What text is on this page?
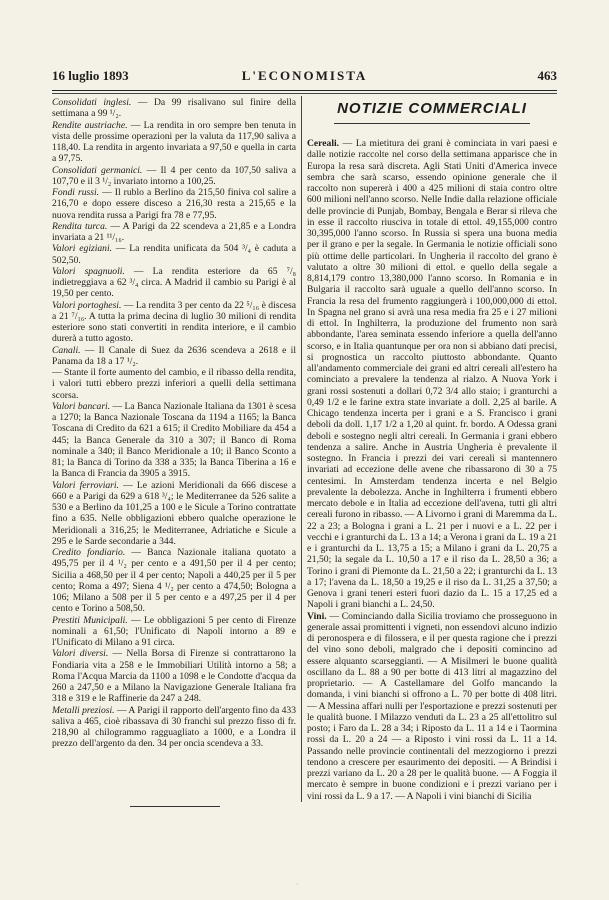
16 luglio 1893	L'ECONOMISTA	463

Consolidati inglesi. — Da 99 risalivano sul finire della settimana a 99 ¹/₂.

Rendite austriache. — La rendita in oro sempre ben tenuta in vista delle prossime operazioni per la valuta da 117,90 saliva a 118,40. La rendita in argento invariata a 97,50 e quella in carta a 97,75.

Consolidati germanici. — Il 4 per cento da 107,50 saliva a 107,70 e il 3 ¹/₂ invariato intorno a 100,25.

Fondi russi. — Il rublo a Berlino da 215,50 finiva col salire a 216,70 e dopo essere disceso a 216,30 resta a 215,65 e la nuova rendita russa a Parigi fra 78 e 77,95.

Rendita turca. — A Parigi da 22 scendeva a 21,85 e a Londra invariata a 21 ¹¹/₁₆.

Valori egiziani. — La rendita unificata da 504 ³/₄ è caduta a 502,50.

Valori spagnuoli. — La rendita esteriore da 65 ⁷/₈ indietreggiava a 62 ³/₄ circa. A Madrid il cambio su Parigi è al 19,50 per cento.

Valori portoghesi. — La rendita 3 per cento da 22 ⁵/₁₆ è discesa a 21 ⁷/₁₆. A tutta la prima decina di luglio 30 milioni di rendita esteriore sono stati convertiti in rendita interiore, e il cambio durerà a tutto agosto.

Canali. — Il Canale di Suez da 2636 scendeva a 2618 e il Panama da 18 a 17 ¹/₂.

— Stante il forte aumento del cambio, e il ribasso della rendita, i valori tutti ebbero prezzi inferiori a quelli della settimana scorsa.

Valori bancari. — La Banca Nazionale Italiana da 1301 è scesa a 1270; la Banca Nazionale Toscana da 1194 a 1165; la Banca Toscana di Credito da 621 a 615; il Credito Mobiliare da 454 a 445; la Banca Generale da 310 a 307; il Banco di Roma nominale a 340; il Banco Meridionale a 10; il Banco Sconto a 81; la Banca di Torino da 338 a 335; la Banca Tiberina a 16 e la Banca di Francia da 3905 a 3915.

Valori ferroviari. — Le azioni Meridionali da 666 discese a 660 e a Parigi da 629 a 618 ³/₄; le Mediterranee da 526 salite a 530 e a Berlino da 101,25 a 100 e le Sicule a Torino contrattate fino a 635. Nelle obbligazioni ebbero qualche operazione le Meridionali a 316,25; le Mediterranee, Adriatiche e Sicule a 295 e le Sarde secondarie a 344.

Credito fondiario. — Banca Nazionale italiana quotato a 495,75 per il 4 ¹/₂ per cento e a 491,50 per il 4 per cento; Sicilia a 468,50 per il 4 per cento; Napoli a 440,25 per il 5 per cento; Roma a 497; Siena 4 ¹/₂ per cento a 474,50; Bologna a 106; Milano a 508 per il 5 per cento e a 497,25 per il 4 per cento e Torino a 508,50.

Prestiti Municipali. — Le obbligazioni 5 per cento di Firenze nominali a 61,50; l'Unificato di Napoli intorno a 89 e l'Unificato di Milano a 91 circa.

Valori diversi. — Nella Borsa di Firenze si contrattarono la Fondiaria vita a 258 e le Immobiliari Utilità intorno a 58; a Roma l'Acqua Marcia da 1100 a 1098 e le Condotte d'acqua da 260 a 247,50 e a Milano la Navigazione Generale Italiana fra 318 e 319 e le Raffinerie da 247 a 248.

Metalli preziosi. — A Parigi il rapporto dell'argento fino da 433 saliva a 465, cioè ribassava di 30 franchi sul prezzo fisso di fr. 218,90 al chilogrammo ragguagliato a 1000, e a Londra il prezzo dell'argento da den. 34 per oncia scendeva a 33.

NOTIZIE COMMERCIALI

Cereali. — La mietitura dei grani è cominciata in vari paesi e dalle notizie raccolte nel corso della settimana apparisce che in Europa la resa sarà discreta. Agli Stati Uniti d'America invece sembra che sarà scarso, essendo opinione generale che il raccolto non supererà i 400 a 425 milioni di staia contro oltre 600 milioni nell'anno scorso. Nelle Indie dalla relazione officiale delle provincie di Punjab, Bombay, Bengala e Berar si rileva che in esse il raccolto riusciva in totale di ettol. 49,155,000 contro 30,395,000 l'anno scorso. In Russia si spera una buona media per il grano e per la segale. In Germania le notizie officiali sono più ottime delle particolari. In Ungheria il raccolto del grano è valutato a oltre 30 milioni di ettol. e quello della segale a 8,814,179 contro 13,380,000 l'anno scorso. In Romania e in Bulgaria il raccolto sarà uguale a quello dell'anno scorso. In Francia la resa del frumento raggiungerà i 100,000,000 di ettol. In Spagna nel grano si avrà una resa media fra 25 e i 27 milioni di ettol. In Inghilterra, la produzione del frumento non sarà abbondante, l'area seminata essendo inferiore a quella dell'anno scorso, e in Italia quantunque per ora non si abbiano dati precisi, si prognostica un raccolto piuttosto abbondante. Quanto all'andamento commerciale dei grani ed altri cereali all'estero ha cominciato a prevalere la tendenza al rialzo. A Nuova York i grani rossi sostenuti a dollari 0,72 3/4 allo staio; i granturchi a 0,49 1/2 e le farine extra state invariate a doll. 2,25 al barile. A Chicago tendenza incerta per i grani e a S. Francisco i grani deboli da doll. 1,17 1/2 a 1,20 al quint. fr. bordo. A Odessa grani deboli e sostegno negli altri cereali. In Germania i grani ebbero tendenza a salire. Anche in Austria Ungheria è prevalente il sostegno. In Francia i prezzi dei vari cereali si mantennero invariati ad eccezione delle avene che ribassarono di 30 a 75 centesimi. In Amsterdam tendenza incerta e nel Belgio prevalente la debolezza. Anche in Inghilterra i frumenti ebbero mercato debole e in Italia ad eccezione dell'avena, tutti gli altri cereali furono in ribasso. — A Livorno i grani di Maremma da L. 22 a 23; a Bologna i grani a L. 21 per i nuovi e a L. 22 per i vecchi e i granturchi da L. 13 a 14; a Verona i grani da L. 19 a 21 e i granturchi da L. 13,75 a 15; a Milano i grani da L. 20,75 a 21,50; la segale da L. 10,50 a 17 e il riso da L. 28,50 a 36; a Torino i grani di Piemonte da L. 21,50 a 22; i granturchi da L. 13 a 17; l'avena da L. 18,50 a 19,25 e il riso da L. 31,25 a 37,50; a Genova i grani teneri esteri fuori dazio da L. 15 a 17,25 ed a Napoli i grani bianchi a L. 24,50.

Vini. — Cominciando dalla Sicilia troviamo che prosseguono in generale assai promittenti i vigneti, non essendovi alcuno indizio di peronospera e di filossera, e il per questa ragione che i prezzi del vino sono deboli, malgrado che i depositi comincino ad essere alquanto scarseggianti. — A Misilmeri le buone qualità oscillano da L. 88 a 90 per botte di 413 litri al magazzino del proprietario. — A Castellamare del Golfo mancando la domanda, i vini bianchi si offrono a L. 70 per botte di 408 litri. — A Messina affari nulli per l'esportazione e prezzi sostenuti per le qualità buone. I Milazzo venduti da L. 23 a 25 all'ettolitro sul posto; i Faro da L. 28 a 34; i Riposto da L. 11 a 14 e i Taormina rossi da L. 20 a 24 — a Riposto i vini rossi da L. 11 a 14. Passando nelle provincie continentali del mezzogiorno i prezzi tendono a crescere per esaurimento dei depositi. — A Brindisi i prezzi variano da L. 20 a 28 per le qualità buone. — A Foggia il mercato è sempre in buone condizioni e i prezzi variano per i vini rossi da L. 9 a 17. — A Napoli i vini bianchi di Sicilia

·
